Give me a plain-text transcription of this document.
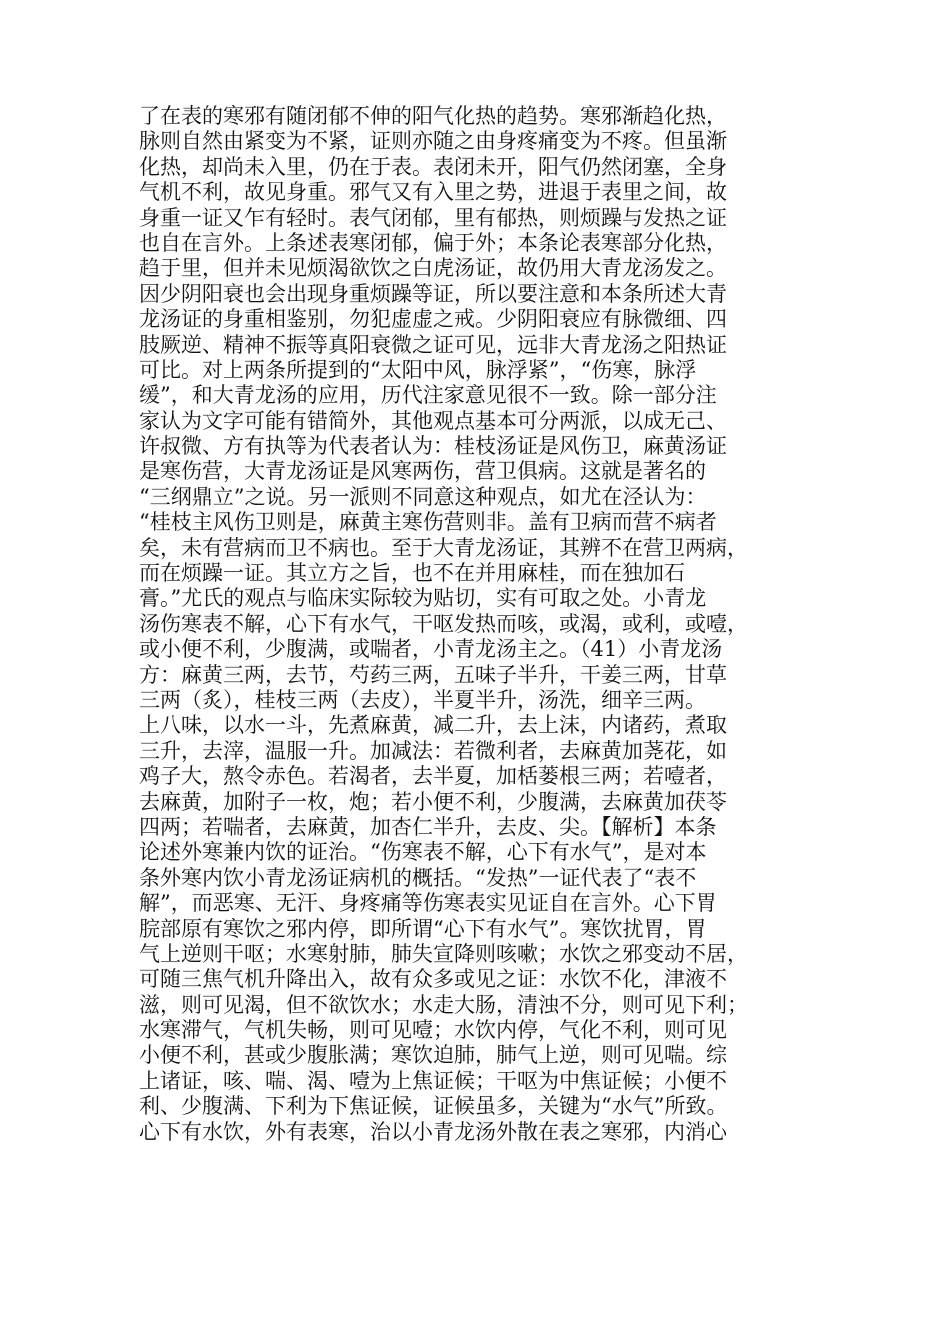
了在表的寒邪有随闭郁不伸的阳气化热的趋势。寒邪渐趋化热，
脉则自然由紧变为不紧，证则亦随之由身疼痛变为不疼。但虽渐
化热，却尚未入里，仍在于表。表闭未开，阳气仍然闭塞，全身
气机不利，故见身重。邪气又有入里之势，进退于表里之间，故
身重一证又乍有轻时。表气闭郁，里有郁热，则烦躁与发热之证
也自在言外。上条述表寒闭郁，偏于外；本条论表寒部分化热，
趋于里，但并未见烦渴欲饮之白虎汤证，故仍用大青龙汤发之。
因少阴阳衰也会出现身重烦躁等证，所以要注意和本条所述大青
龙汤证的身重相鉴别，勿犯虚虚之戒。少阴阳衰应有脉微细、四
肢厥逆、精神不振等真阳衰微之证可见，远非大青龙汤之阳热证
可比。对上两条所提到的“太阳中风，脉浮紧”，“伤寒，脉浮
缓”，和大青龙汤的应用，历代注家意见很不一致。除一部分注
家认为文字可能有错简外，其他观点基本可分两派，以成无己、
许叔微、方有执等为代表者认为：桂枝汤证是风伤卫，麻黄汤证
是寒伤营，大青龙汤证是风寒两伤，营卫俱病。这就是著名的
“三纲鼎立”之说。另一派则不同意这种观点，如尤在泾认为：
“桂枝主风伤卫则是，麻黄主寒伤营则非。盖有卫病而营不病者
矣，未有营病而卫不病也。至于大青龙汤证，其辨不在营卫两病，
而在烦躁一证。其立方之旨，也不在并用麻桂，而在独加石
膏。”尤氏的观点与临床实际较为贴切，实有可取之处。小青龙
汤伤寒表不解，心下有水气，干呕发热而咳，或渴，或利，或噎，
或小便不利，少腹满，或喘者，小青龙汤主之。（41）小青龙汤
方：麻黄三两，去节，芍药三两，五味子半升，干姜三两，甘草
三两（炙），桂枝三两（去皮），半夏半升，汤洗，细辛三两。
上八味，以水一斗，先煮麻黄，减二升，去上沫，内诸药，煮取
三升，去滓，温服一升。加减法：若微利者，去麻黄加荛花，如
鸡子大，熬令赤色。若渴者，去半夏，加栝蒌根三两；若噎者，
去麻黄，加附子一枚，炮；若小便不利，少腹满，去麻黄加茯苓
四两；若喘者，去麻黄，加杏仁半升，去皮、尖。【解析】本条
论述外寒兼内饮的证治。“伤寒表不解，心下有水气”，是对本
条外寒内饮小青龙汤证病机的概括。“发热”一证代表了“表不
解”，而恶寒、无汗、身疼痛等伤寒表实见证自在言外。心下胃
脘部原有寒饮之邪内停，即所谓“心下有水气”。寒饮扰胃，胃
气上逆则干呕；水寒射肺，肺失宣降则咳嗽；水饮之邪变动不居，
可随三焦气机升降出入，故有众多或见之证：水饮不化，津液不
滋，则可见渴，但不欲饮水；水走大肠，清浊不分，则可见下利；
水寒滞气，气机失畅，则可见噎；水饮内停，气化不利，则可见
小便不利，甚或少腹胀满；寒饮迫肺，肺气上逆，则可见喘。综
上诸证，咳、喘、渴、噎为上焦证候；干呕为中焦证候；小便不
利、少腹满、下利为下焦证候，证候虽多，关键为“水气”所致。
心下有水饮，外有表寒，治以小青龙汤外散在表之寒邪，内消心
